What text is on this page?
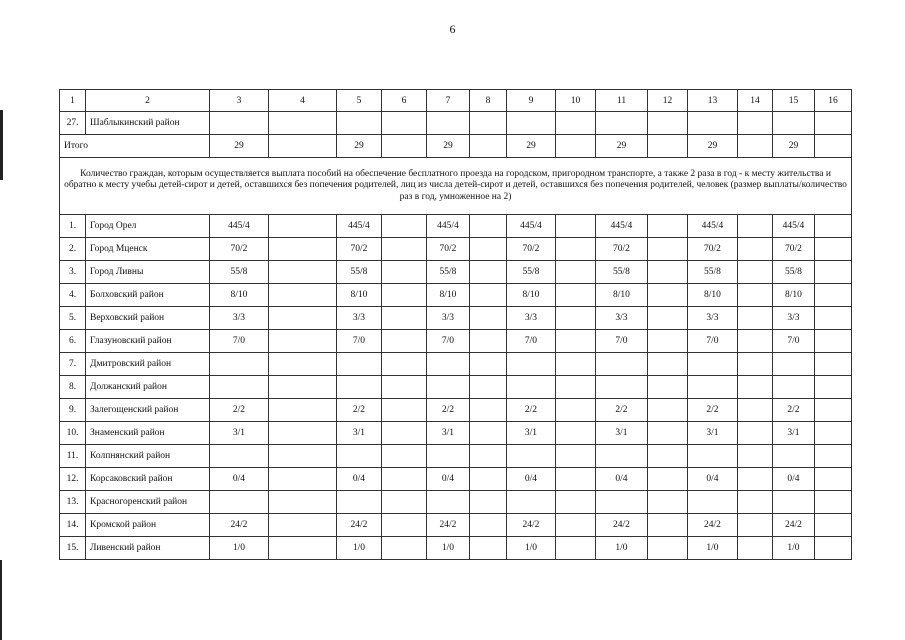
6
1	2	3	4	5	6	7	8	9	10	11	12	13	14	15	16
27.	Шаблыкинский район														
Итого		29		29		29		29		29		29		29	
Количество граждан, которым осуществляется выплата пособий на обеспечение бесплатного проезда на городском, пригородном транспорте, а также 2 раза в год - к месту жительства и обратно к месту учебы детей-сирот и детей, оставшихся без попечения родителей, лиц из числа детей-сирот и детей, оставшихся без попечения родителей, человек (размер выплаты/количество раз в год, умноженное на 2)															
1.	Город Орел	445/4		445/4		445/4		445/4		445/4		445/4		445/4	
2.	Город Мценск	70/2		70/2		70/2		70/2		70/2		70/2		70/2	
3.	Город Ливны	55/8		55/8		55/8		55/8		55/8		55/8		55/8	
4.	Болховский район	8/10		8/10		8/10		8/10		8/10		8/10		8/10	
5.	Верховский район	3/3		3/3		3/3		3/3		3/3		3/3		3/3	
6.	Глазуновский район	7/0		7/0		7/0		7/0		7/0		7/0		7/0	
7.	Дмитровский район														
8.	Должанский район														
9.	Залегощенский район	2/2		2/2		2/2		2/2		2/2		2/2		2/2	
10.	Знаменский район	3/1		3/1		3/1		3/1		3/1		3/1		3/1	
11.	Колпнянский район														
12.	Корсаковский район	0/4		0/4		0/4		0/4		0/4		0/4		0/4	
13.	Красногоренский район														
14.	Кромской район	24/2		24/2		24/2		24/2		24/2		24/2		24/2	
15.	Ливенский район	1/0		1/0		1/0		1/0		1/0		1/0		1/0	
